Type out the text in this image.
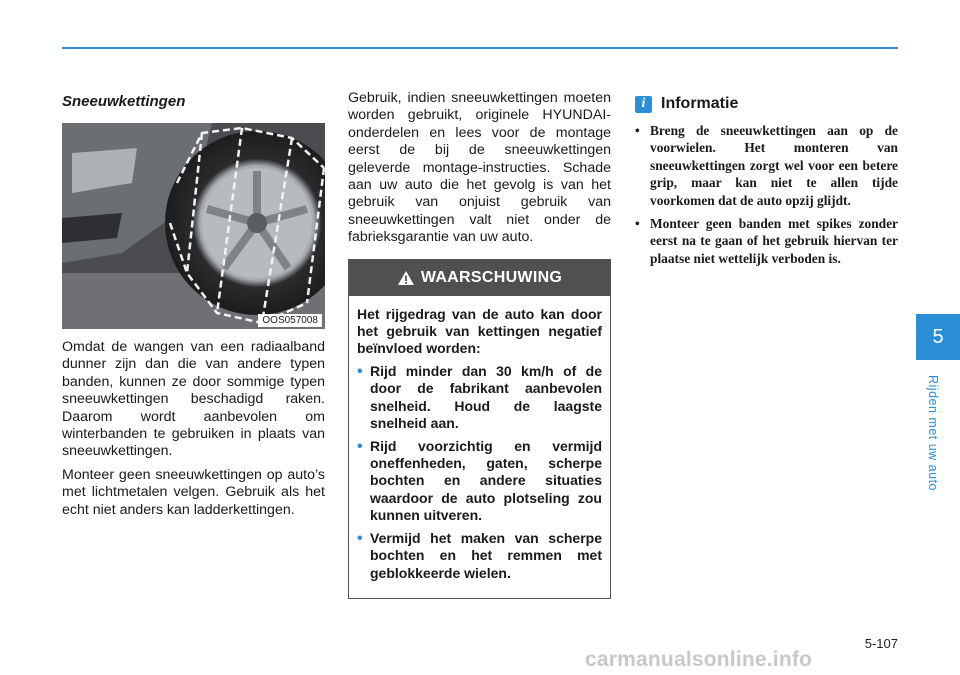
Sneeuwkettingen
OOS057008

Omdat de wangen van een radiaalband dunner zijn dan die van andere typen banden, kunnen ze door sommige typen sneeuwkettingen beschadigd raken. Daarom wordt aanbevolen om winterbanden te gebruiken in plaats van sneeuwkettingen.

Monteer geen sneeuwkettingen op auto’s met lichtmetalen velgen. Gebruik als het echt niet anders kan ladderkettingen.

Gebruik, indien sneeuwkettingen moeten worden gebruikt, originele HYUNDAI-onderdelen en lees voor de montage eerst de bij de sneeuwkettingen geleverde montage-instructies. Schade aan uw auto die het gevolg is van het gebruik van onjuist gebruik van sneeuwkettingen valt niet onder de fabrieksgarantie van uw auto.

WAARSCHUWING

Het rijgedrag van de auto kan door het gebruik van kettingen negatief beïnvloed worden:

• Rijd minder dan 30 km/h of de door de fabrikant aanbevolen snelheid. Houd de laagste snelheid aan.

• Rijd voorzichtig en vermijd oneffenheden, gaten, scherpe bochten en andere situaties waardoor de auto plotseling zou kunnen uitveren.

• Vermijd het maken van scherpe bochten en het remmen met geblokkeerde wielen.

i Informatie

• Breng de sneeuwkettingen aan op de voorwielen. Het monteren van sneeuwkettingen zorgt wel voor een betere grip, maar kan niet te allen tijde voorkomen dat de auto opzij glijdt.

• Monteer geen banden met spikes zonder eerst na te gaan of het gebruik hiervan ter plaatse niet wettelijk verboden is.

5
Rijden met uw auto
5-107
carmanualsonline.info
